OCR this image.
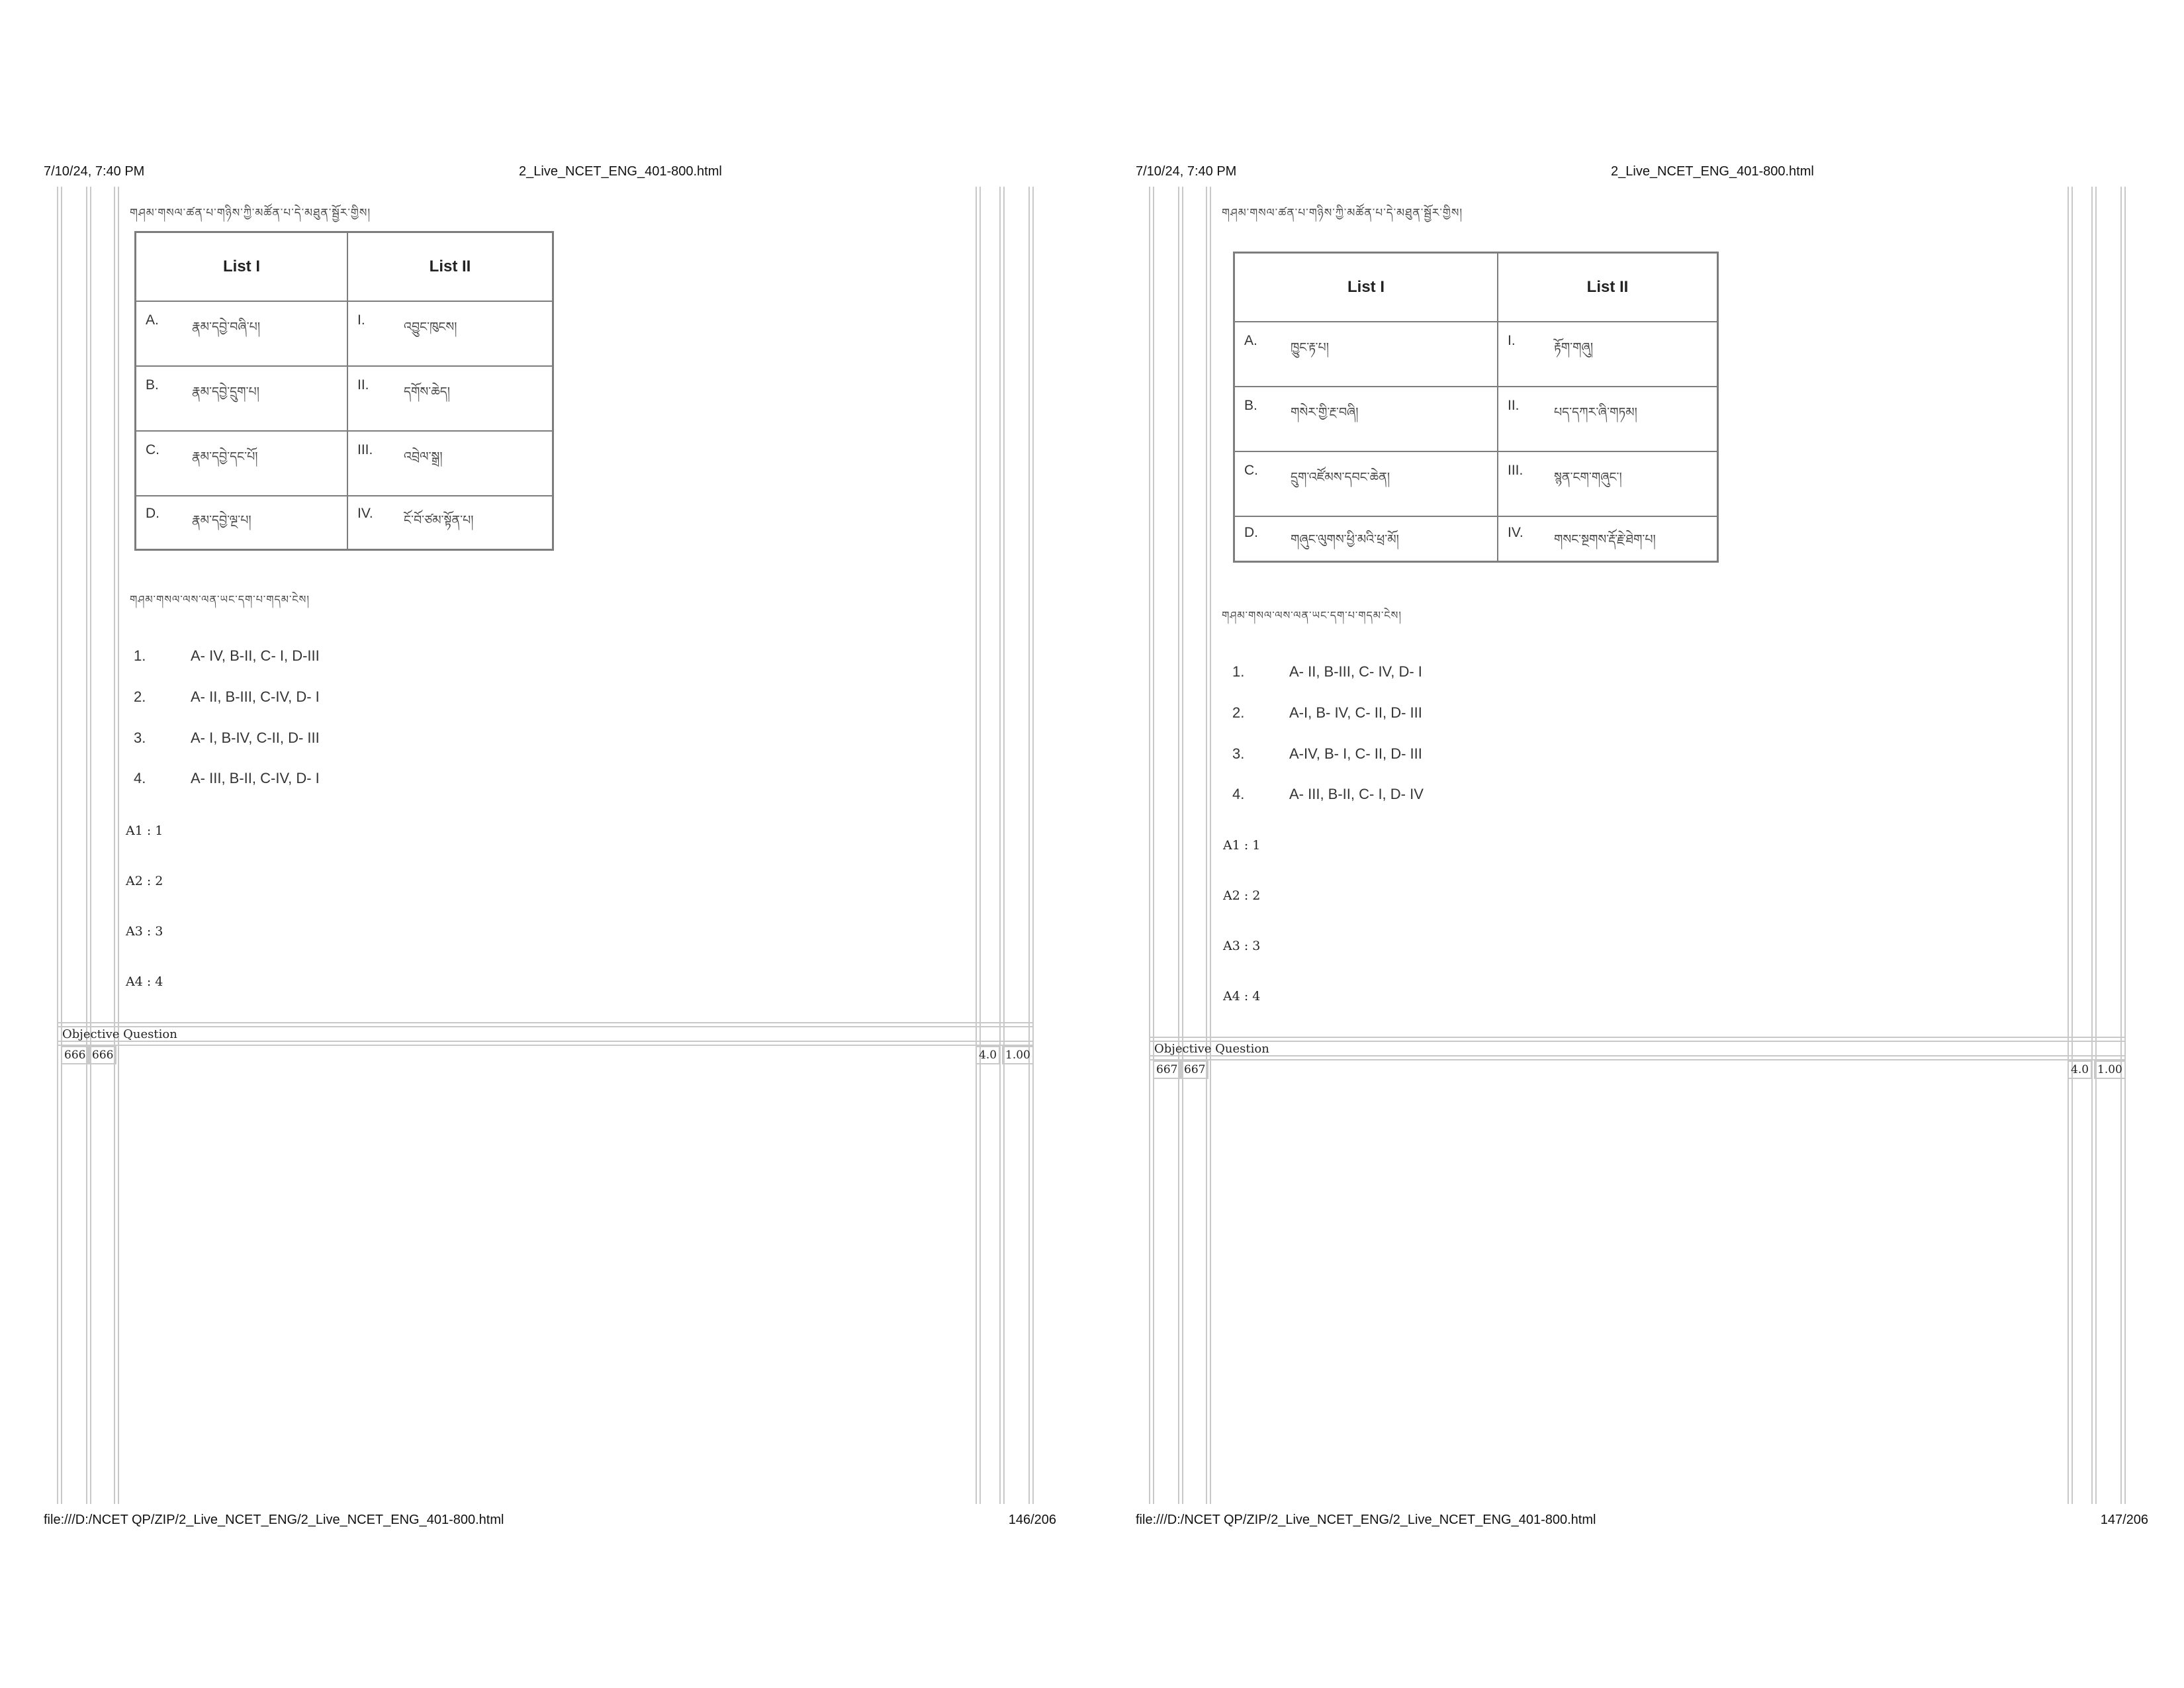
7/10/24, 7:40 PM	2_Live_NCET_ENG_401-800.html
གཤམ་གསལ་ཚན་པ་གཉིས་ཀྱི་མཚོན་པ་དེ་མཐུན་སྦྱོར་གྱིས།
List I	List II

A. རྣམ་དབྱེ་བཞི་པ།	I. འབྱུང་ཁུངས།

B. རྣམ་དབྱེ་དྲུག་པ།	II. དགོས་ཆེད།

C. རྣམ་དབྱེ་དང་པོ།	III. འབྲེལ་སྒྲ།

D. རྣམ་དབྱེ་ལྔ་པ།	IV. ངོ་བོ་ཙམ་སྟོན་པ།
གཤམ་གསལ་ལས་ལན་ཡང་དག་པ་གདམ་ངེས།
1.	A- IV, B-II, C- I, D-III
2.	A- II, B-III, C-IV, D- I
3.	A- I, B-IV, C-II, D- III
4.	A- III, B-II, C-IV, D- I
A1 : 1
A2 : 2
A3 : 3
A4 : 4
Objective Question
666 666	4.0 1.00
file:///D:/NCET QP/ZIP/2_Live_NCET_ENG/2_Live_NCET_ENG_401-800.html	146/206
7/10/24, 7:40 PM	2_Live_NCET_ENG_401-800.html
གཤམ་གསལ་ཚན་པ་གཉིས་ཀྱི་མཚོན་པ་དེ་མཐུན་སྦྱོར་གྱིས།
List I	List II

A. ཁྱུང་རྟ་པ།	I. རྟོག་གཞུ།

B. གསེར་གྱི་རྔ་བཞི།	II. པད་དཀར་ཞི་གཏམ།

C. དྲུག་འཛོམས་དབང་ཆེན།	III. སྙན་ངག་གཞུང་།

D. གཞུང་ལུགས་ཕྱི་མའི་ཕྲ་མོ།	IV. གསང་སྔགས་རྡོ་རྗེ་ཐེག་པ།
གཤམ་གསལ་ལས་ལན་ཡང་དག་པ་གདམ་ངེས།
1.	A- II, B-III, C- IV, D- I
2.	A-I, B- IV, C- II, D- III
3.	A-IV, B- I, C- II, D- III
4.	A- III, B-II, C- I, D- IV
A1 : 1
A2 : 2
A3 : 3
A4 : 4
Objective Question
667 667	4.0 1.00
file:///D:/NCET QP/ZIP/2_Live_NCET_ENG/2_Live_NCET_ENG_401-800.html	147/206
